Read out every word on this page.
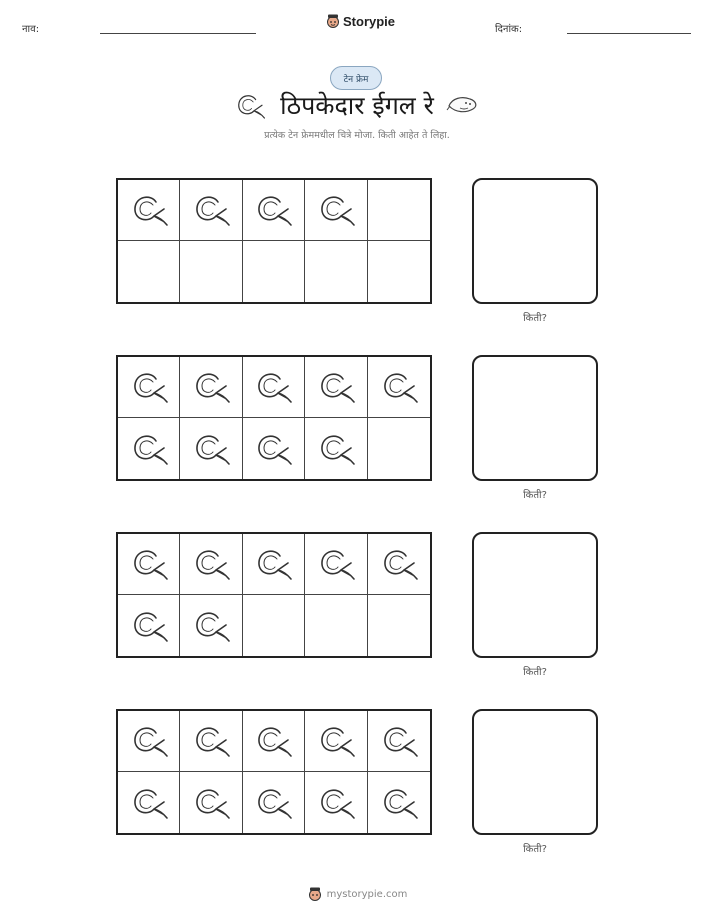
नाव:
Storypie
दिनांक:
टेन फ्रेम
ठिपकेदार ईगल रे
प्रत्येक टेन फ्रेममधील चित्रे मोजा. किती आहेत ते लिहा.
किती?
किती?
किती?
किती?
mystorypie.com
